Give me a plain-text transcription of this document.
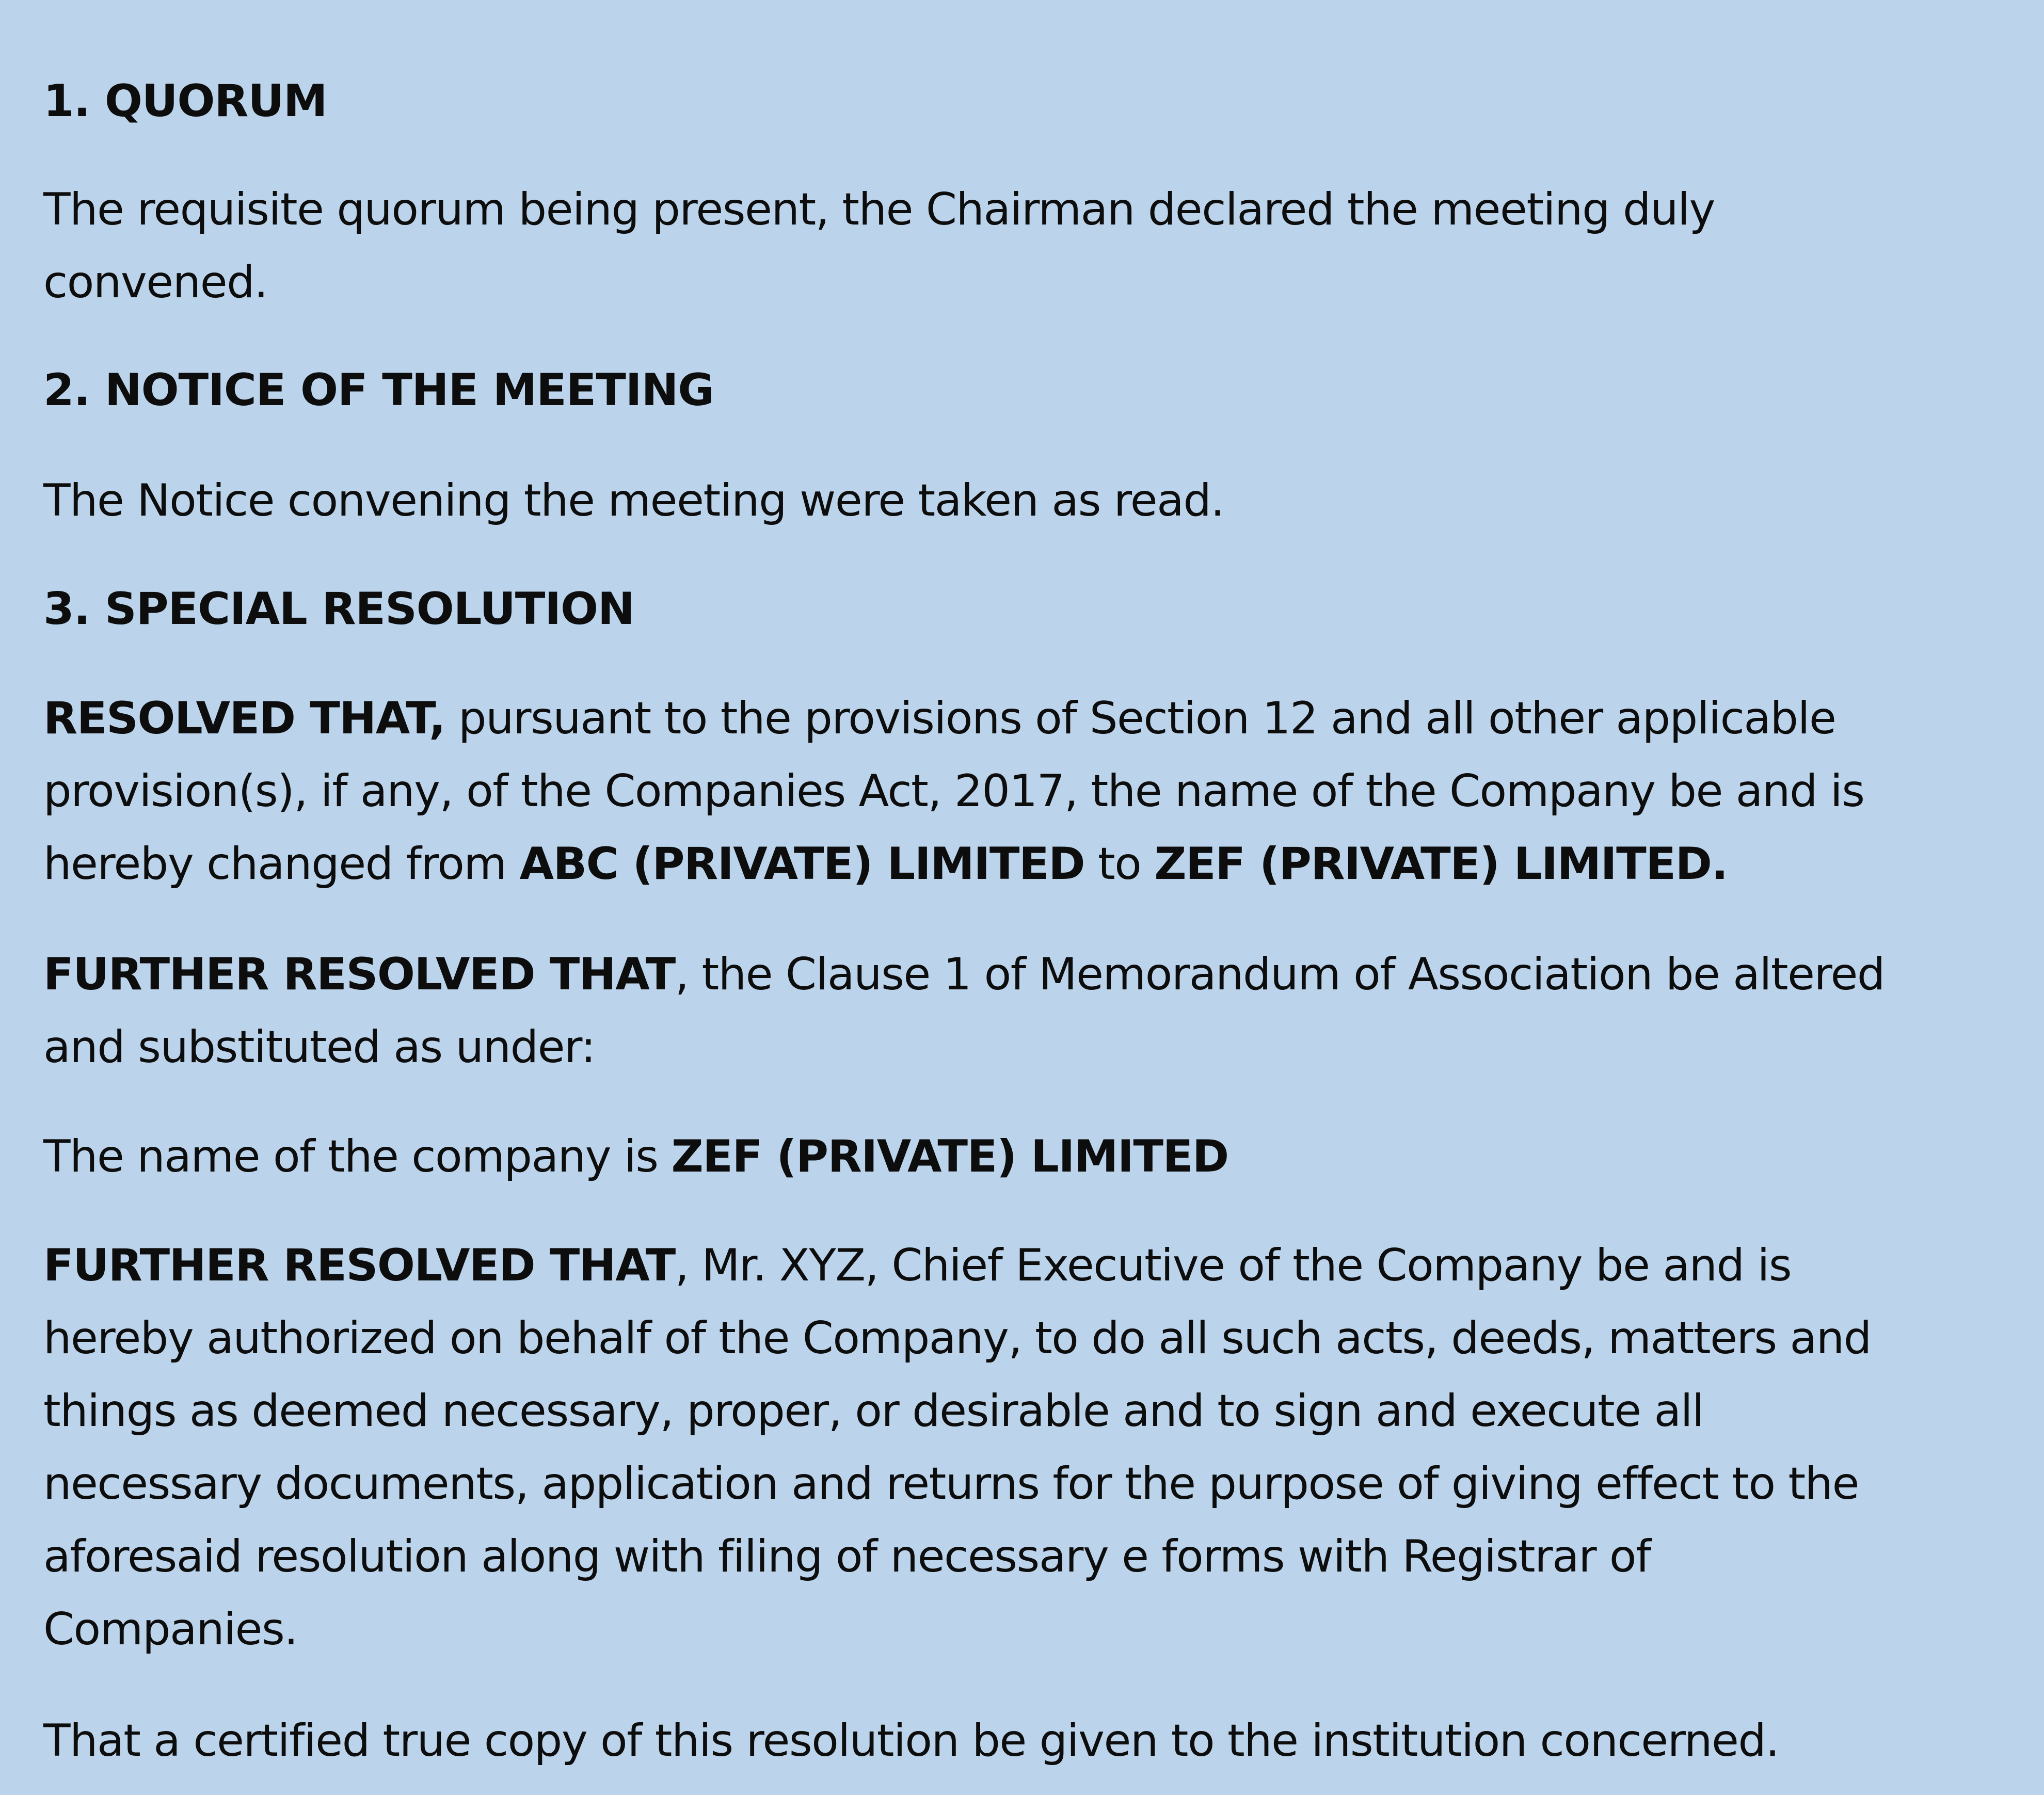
1. QUORUM

The requisite quorum being present, the Chairman declared the meeting duly
convened.

2. NOTICE OF THE MEETING

The Notice convening the meeting were taken as read.

3. SPECIAL RESOLUTION

RESOLVED THAT, pursuant to the provisions of Section 12 and all other applicable
provision(s), if any, of the Companies Act, 2017, the name of the Company be and is
hereby changed from ABC (PRIVATE) LIMITED to ZEF (PRIVATE) LIMITED.
FURTHER RESOLVED THAT, the Clause 1 of Memorandum of Association be altered
and substituted as under:

The name of the company is ZEF (PRIVATE) LIMITED

FURTHER RESOLVED THAT, Mr. XYZ, Chief Executive of the Company be and is
hereby authorized on behalf of the Company, to do all such acts, deeds, matters and
things as deemed necessary, proper, or desirable and to sign and execute all
necessary documents, application and returns for the purpose of giving effect to the
aforesaid resolution along with filing of necessary e forms with Registrar of
Companies.

That a certified true copy of this resolution be given to the institution concerned.
